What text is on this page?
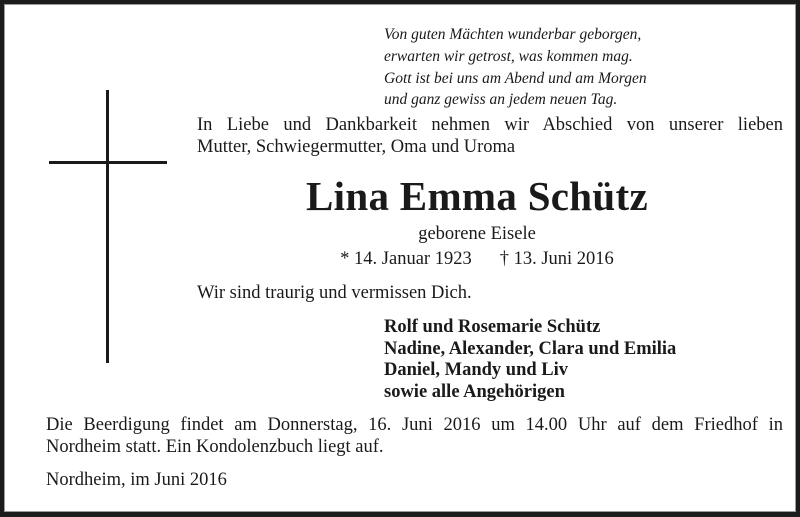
Von guten Mächten wunderbar geborgen,
erwarten wir getrost, was kommen mag.
Gott ist bei uns am Abend und am Morgen
und ganz gewiss an jedem neuen Tag.
In Liebe und Dankbarkeit nehmen wir Abschied von unserer lieben
Mutter, Schwiegermutter, Oma und Uroma
Lina Emma Schütz
geborene Eisele
* 14. Januar 1923 † 13. Juni 2016
Wir sind traurig und vermissen Dich.
Rolf und Rosemarie Schütz
Nadine, Alexander, Clara und Emilia
Daniel, Mandy und Liv
sowie alle Angehörigen
Die Beerdigung findet am Donnerstag, 16. Juni 2016 um 14.00 Uhr auf dem Friedhof in
Nordheim statt. Ein Kondolenzbuch liegt auf.
Nordheim, im Juni 2016
